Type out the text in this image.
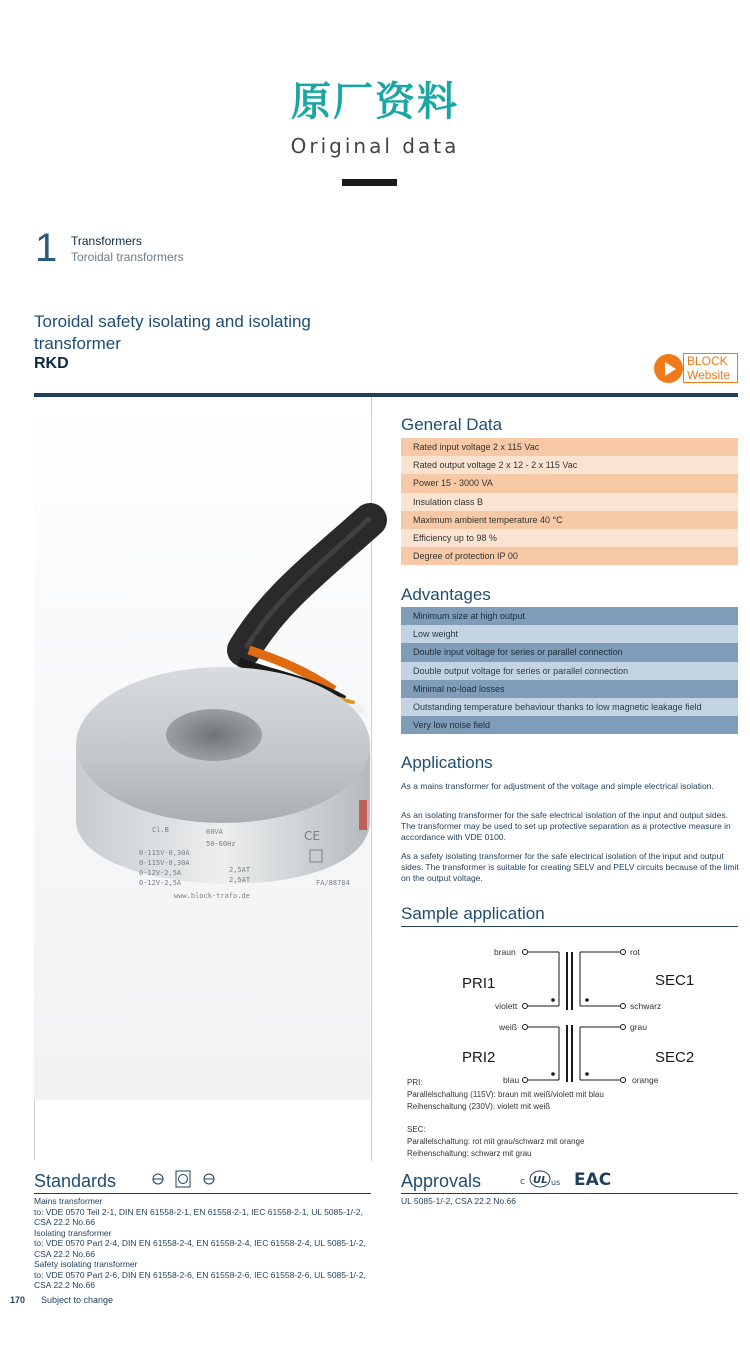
原厂资料
Original data
1 Transformers
Toroidal transformers
Toroidal safety isolating and isolating transformer
RKD	BLOCK
Website
Cl.B	60VA
50-60Hz
0-115V-0,30A
0-115V-0,30A
0-12V-2,5A
0-12V-2,5A
2,5AT
2,5AT
www.block-trafo.de
FA/88784
CE
General Data
Rated input voltage 2 x 115 Vac
Rated output voltage 2 x 12 - 2 x 115 Vac
Power 15 - 3000 VA
Insulation class B
Maximum ambient temperature 40 °C
Efficiency up to 98 %
Degree of protection IP 00
Advantages
Minimum size at high output
Low weight
Double input voltage for series or parallel connection
Double output voltage for series or parallel connection
Minimal no-load losses
Outstanding temperature behaviour thanks to low magnetic leakage field
Very low noise field
Applications
As a mains transformer for adjustment of the voltage and simple electrical isolation.
As an isolating transformer for the safe electrical isolation of the input and output sides. The transformer may be used to set up protective separation as a protective measure in accordance with VDE 0100.
As a safety isolating transformer for the safe electrical isolation of the input and output sides. The transformer is suitable for creating SELV and PELV circuits because of the limit on the output voltage.
Sample application
braun
violett
weiß
blau
rot
schwarz
grau
orange
PRI1
PRI2
SEC1
SEC2
PRI:
Parallelschaltung (115V): braun mit weiß/violett mit blau
Reihenschaltung (230V): violett mit weiß
SEC:
Parallelschaltung: rot mit grau/schwarz mit orange
Reihenschaltung: schwarz mit grau
Standards
Mains transformer
to: VDE 0570 Teil 2-1, DIN EN 61558-2-1, EN 61558-2-1, IEC 61558-2-1, UL 5085-1/-2, CSA 22.2 No.66
Isolating transformer
to: VDE 0570 Part 2-4, DIN EN 61558-2-4, EN 61558-2-4, IEC 61558-2-4, UL 5085-1/-2, CSA 22.2 No.66
Safety isolating transformer
to: VDE 0570 Part 2-6, DIN EN 61558-2-6, EN 61558-2-6, IEC 61558-2-6, UL 5085-1/-2, CSA 22.2 No.66
170 Subject to change
Approvals	c UL us EAC
UL 5085-1/-2, CSA 22.2 No.66
